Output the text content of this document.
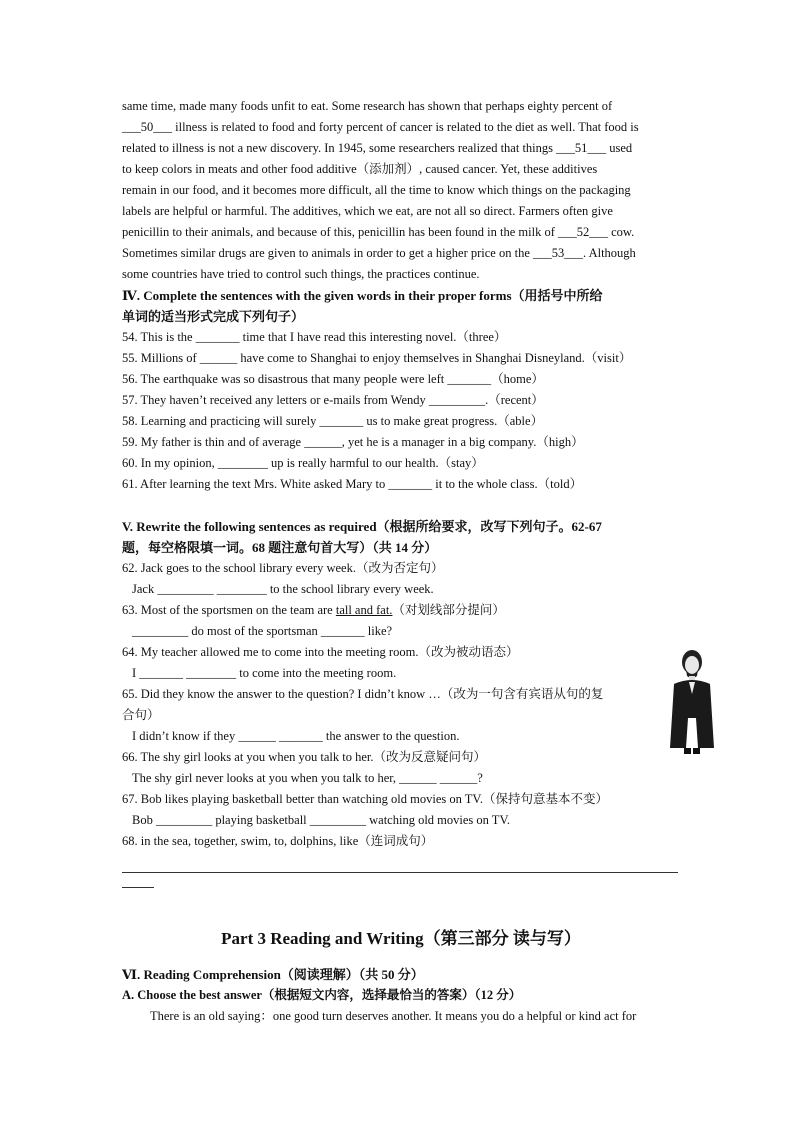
same time, made many foods unfit to eat. Some research has shown that perhaps eighty percent of

___50___ illness is related to food and forty percent of cancer is related to the diet as well. That food is

related to illness is not a new discovery. In 1945, some researchers realized that things ___51___ used

to keep colors in meats and other food additive（添加剂）, caused cancer. Yet, these additives

remain in our food, and it becomes more difficult, all the time to know which things on the packaging

labels are helpful or harmful. The additives, which we eat, are not all so direct. Farmers often give

penicillin to their animals, and because of this, penicillin has been found in the milk of ___52___ cow.

Sometimes similar drugs are given to animals in order to get a higher price on the ___53___. Although

some countries have tried to control such things, the practices continue.

Ⅳ. Complete the sentences with the given words in their proper forms（用括号中所给

单词的适当形式完成下列句子）

54. This is the _______ time that I have read this interesting novel.（three）

55. Millions of ______ have come to Shanghai to enjoy themselves in Shanghai Disneyland.（visit）

56. The earthquake was so disastrous that many people were left _______（home）

57. They haven’t received any letters or e-mails from Wendy _________.（recent）

58. Learning and practicing will surely _______ us to make great progress.（able）

59. My father is thin and of average ______, yet he is a manager in a big company.（high）

60. In my opinion, ________ up is really harmful to our health.（stay）

61. After learning the text Mrs. White asked Mary to _______ it to the whole class.（told）

V. Rewrite the following sentences as required（根据所给要求，改写下列句子。62-67

题，每空格限填一词。68 题注意句首大写）（共 14 分）

62. Jack goes to the school library every week.（改为否定句）

Jack _________ ________ to the school library every week.

63. Most of the sportsmen on the team are tall and fat.（对划线部分提问）

_________ do most of the sportsman _______ like?

64. My teacher allowed me to come into the meeting room.（改为被动语态）

I _______ ________ to come into the meeting room.

65. Did they know the answer to the question? I didn’t know …（改为一句含有宾语从句的复

合句）

I didn’t know if they ______ _______ the answer to the question.

66. The shy girl looks at you when you talk to her.（改为反意疑问句）

The shy girl never looks at you when you talk to her, ______ ______?

67. Bob likes playing basketball better than watching old movies on TV.（保持句意基本不变）

Bob _________ playing basketball _________ watching old movies on TV.

68. in the sea, together, swim, to, dolphins, like（连词成句）

Part 3 Reading and Writing（第三部分 读与写）

Ⅵ. Reading Comprehension（阅读理解）（共 50 分）

A. Choose the best answer（根据短文内容，选择最恰当的答案）（12 分）

There is an old saying：one good turn deserves another. It means you do a helpful or kind act for
